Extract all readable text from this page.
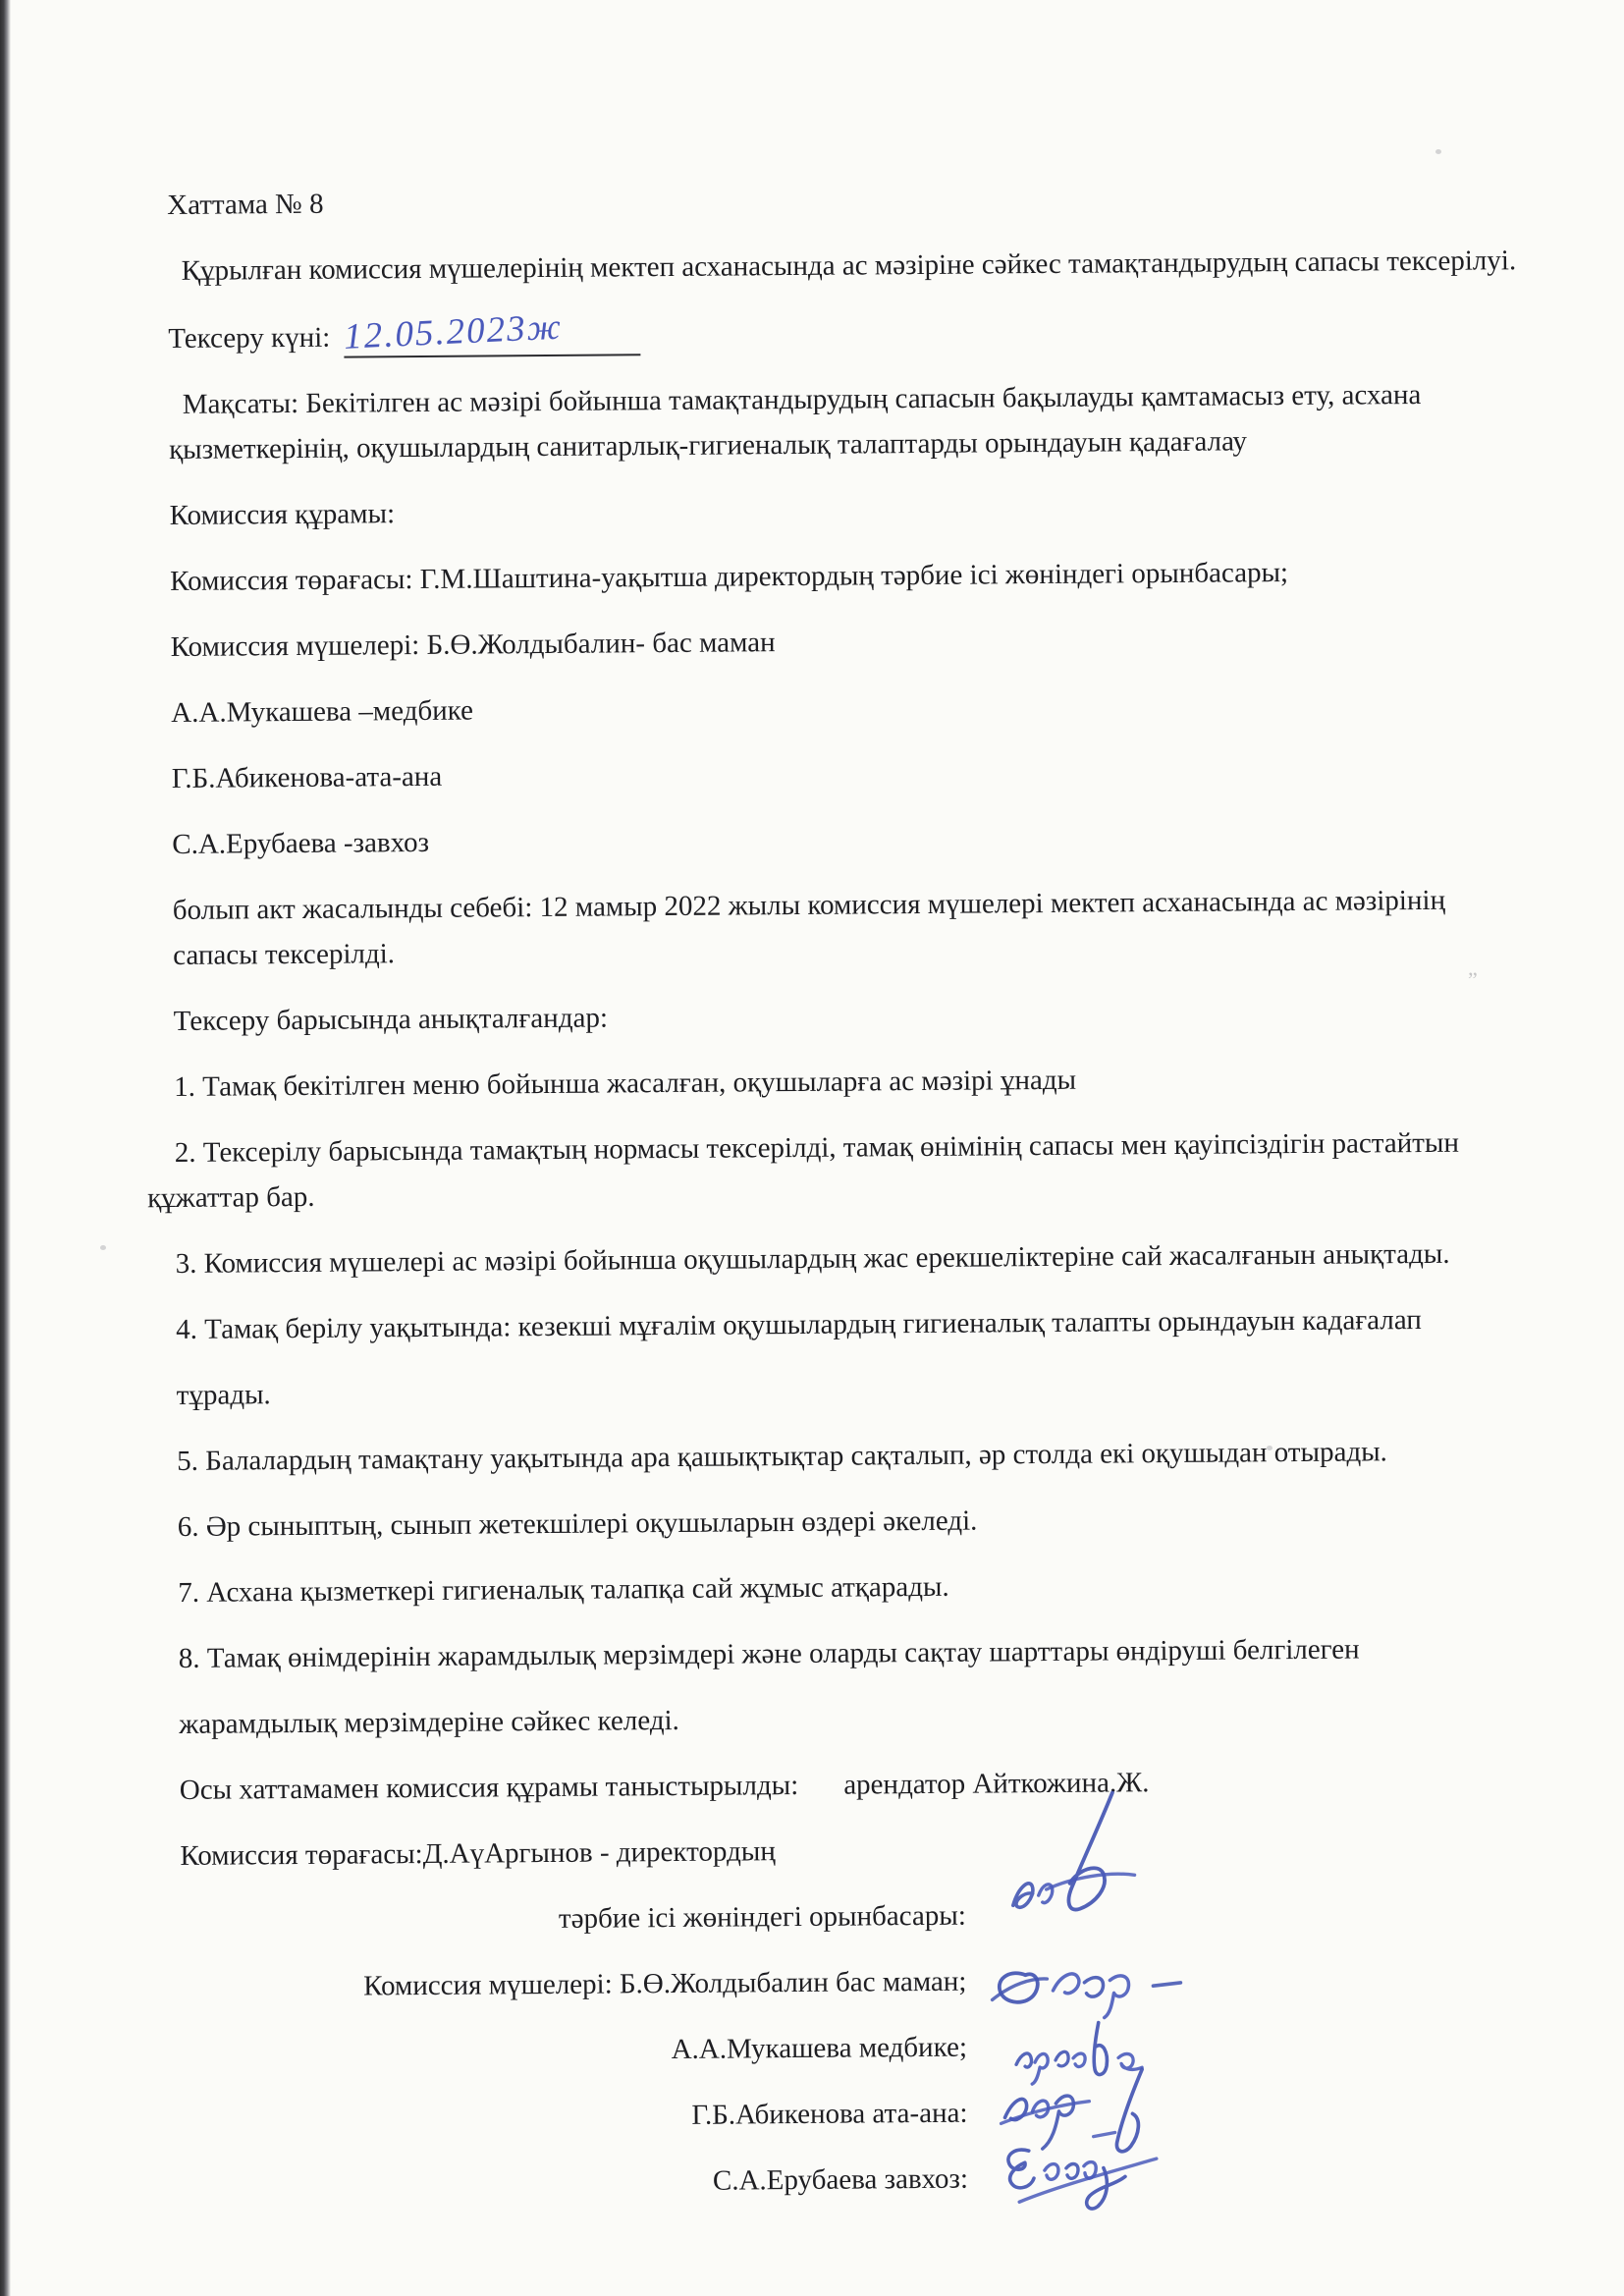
”

Хаттама № 8

Құрылған комиссия мүшелерінің мектеп асханасында ас мәзіріне сәйкес тамақтандырудың сапасы тексерілуі.

Тексеру күні: 12.05.2023ж

Мақсаты: Бекітілген ас мәзірі бойынша тамақтандырудың сапасын бақылауды қамтамасыз ету, асхана
қызметкерінің, оқушылардың санитарлық-гигиеналық талаптарды орындауын қадағалау

Комиссия құрамы:

Комиссия төрағасы: Г.М.Шаштина-уақытша директордың тәрбие ісі жөніндегі орынбасары;

Комиссия мүшелері: Б.Ө.Жолдыбалин- бас маман

А.А.Мукашева –медбике

Г.Б.Абикенова-ата-ана

С.А.Ерубаева -завхоз

болып акт жасалынды себебі: 12 мамыр 2022 жылы комиссия мүшелері мектеп асханасында ас мәзірінің
сапасы тексерілді.

Тексеру барысында анықталғандар:

1. Тамақ бекітілген меню бойынша жасалған, оқушыларға ас мәзірі ұнады

2. Тексерілу барысында тамақтың нормасы тексерілді, тамақ өнімінің сапасы мен қауіпсіздігін растайтын
құжаттар бар.

3. Комиссия мүшелері ас мәзірі бойынша оқушылардың жас ерекшеліктеріне сай жасалғанын анықтады.

4. Тамақ берілу уақытында: кезекші мұғалім оқушылардың гигиеналық талапты орындауын кадағалап

тұрады.

5. Балалардың тамақтану уақытында ара қашықтықтар сақталып, әр столда екі оқушыдан отырады.

6. Әр сыныптың, сынып жетекшілері оқушыларын өздері әкеледі.

7. Асхана қызметкері гигиеналық талапқа сай жұмыс атқарады.

8. Тамақ өнімдерінін жарамдылық мерзімдері және оларды сақтау шарттары өндіруші белгілеген

жарамдылық мерзімдеріне сәйкес келеді.

Осы хаттамамен комиссия құрамы таныстырылды: арендатор Айткожина.Ж.

Комиссия төрағасы:Д.АүАргынов - директордың

тәрбие ісі жөніндегі орынбасары:

Комиссия мүшелері: Б.Ө.Жолдыбалин бас маман;

А.А.Мукашева медбике;

Г.Б.Абикенова ата-ана:

С.А.Ерубаева завхоз:
